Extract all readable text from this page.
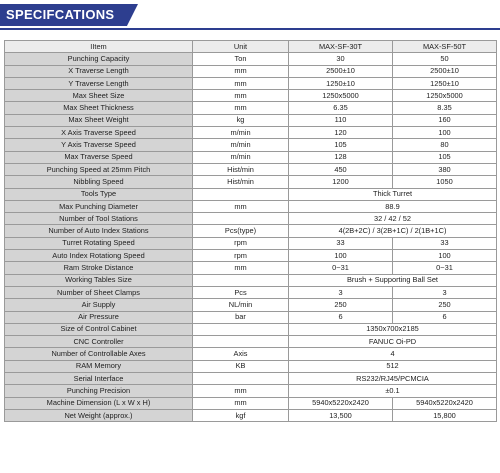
SPECIFCATIONS
IItem	Unit	MAX-SF-30T	MAX-SF-50T
Punching Capacity	Ton	30	50
X Traverse Length	mm	2500±10	2500±10
Y Traverse Length	mm	1250±10	1250±10
Max Sheet Size	mm	1250x5000	1250x5000
Max Sheet Thickness	mm	6.35	8.35
Max Sheet Weight	kg	110	160
X Axis Traverse Speed	m/min	120	100
Y Axis Traverse Speed	m/min	105	80
Max Traverse Speed	m/min	128	105
Punching Speed at 25mm Pitch	Hist/min	450	380
Nibbling Speed	Hist/min	1200	1050
Tools Type		Thick Turret	
Max Punching Diameter	mm	88.9	
Number of Tool Stations		32 / 42 / 52	
Number of Auto Index Stations	Pcs(type)	4(2B+2C) / 3(2B+1C) / 2(1B+1C)	
Turret Rotating Speed	rpm	33	33
Auto Index Rotationg Speed	rpm	100	100
Ram Stroke Distance	mm	0~31	0~31
Working Tables Size		Brush + Supporting Ball Set	
Number of Sheet Clamps	Pcs	3	3
Air Supply	NL/min	250	250
Air Pressure	bar	6	6
Size of Control Cabinet		1350x700x2185	
CNC Controller		FANUC Oi-PD	
Number of Controllable Axes	Axis	4	
RAM Memory	KB	512	
Serial Interface		RS232/RJ45/PCMCIA	
Punching Precision	mm	±0.1	
Machine Dimension (L x W x H)	mm	5940x5220x2420	5940x5220x2420
Net Weight (approx.)	kgf	13,500	15,800
